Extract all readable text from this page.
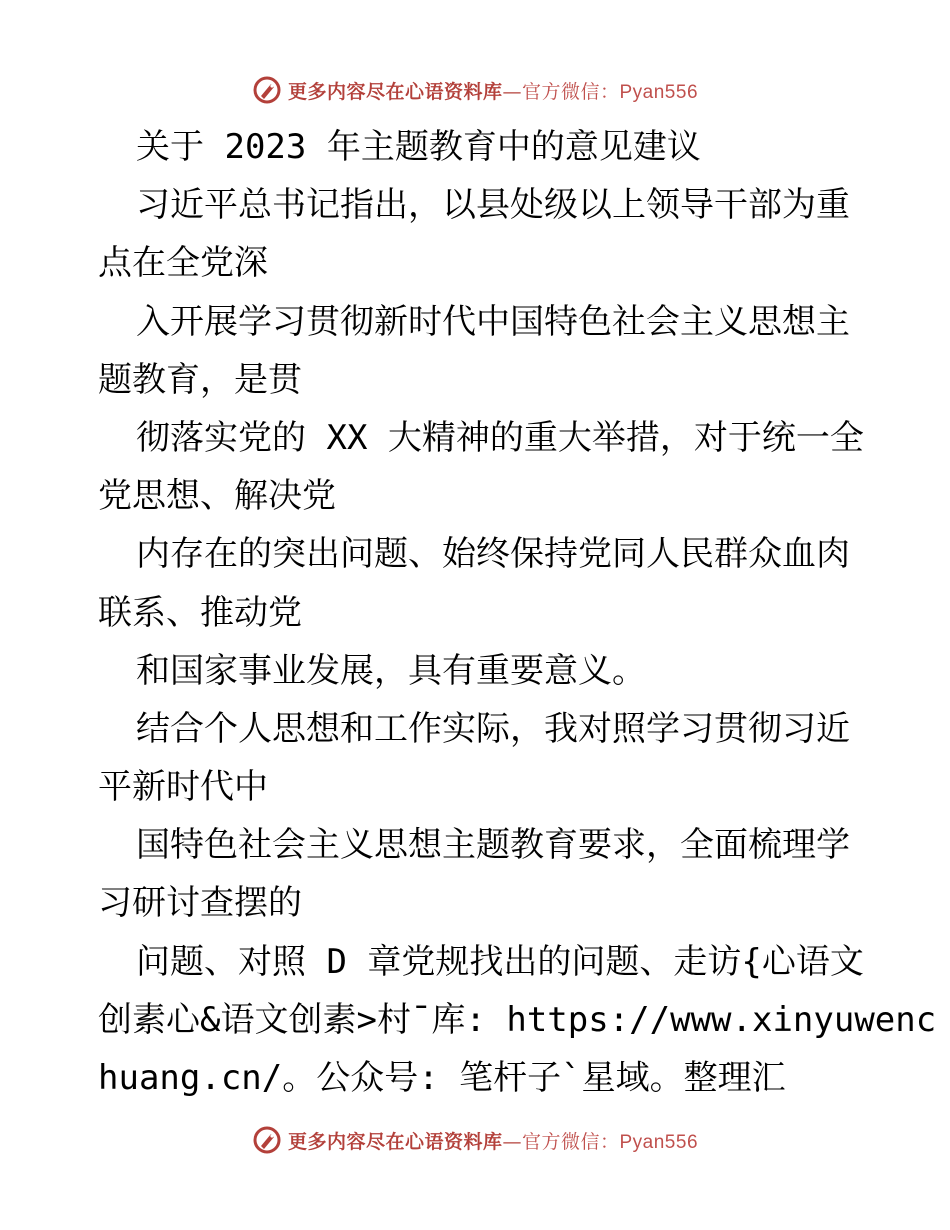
更多内容尽在心语资料库—官方微信：Pyan556
关于 2023 年主题教育中的意见建议
习近平总书记指出，以县处级以上领导干部为重
点在全党深
入开展学习贯彻新时代中国特色社会主义思想主
题教育，是贯
彻落实党的 XX 大精神的重大举措，对于统一全
党思想、解决党
内存在的突出问题、始终保持党同人民群众血肉
联系、推动党
和国家事业发展，具有重要意义。
结合个人思想和工作实际，我对照学习贯彻习近
平新时代中
国特色社会主义思想主题教育要求，全面梳理学
习研讨查摆的
问题、对照 D 章党规找出的问题、走访{心语文
创素心&语文创素>村¯库: https://www.xinyuwenc
huang.cn/。公众号: 笔杆子`星域。整理汇
更多内容尽在心语资料库—官方微信：Pyan556
